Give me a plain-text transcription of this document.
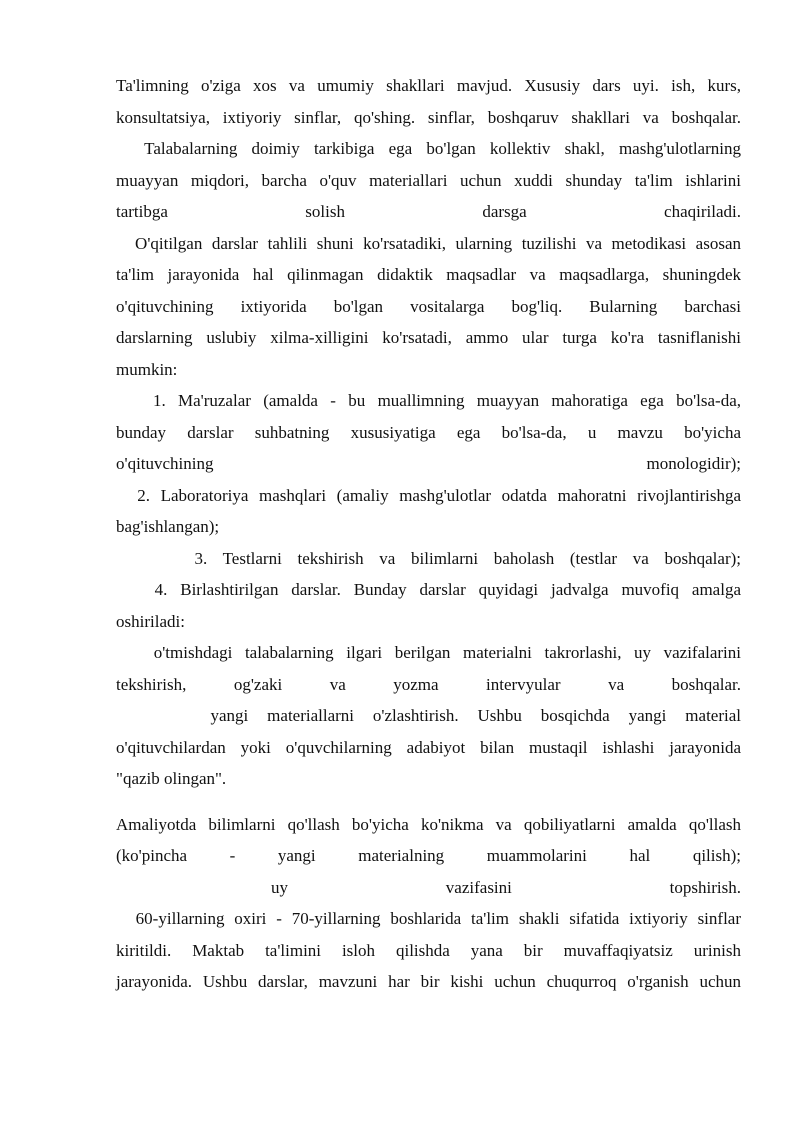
Ta'limning o'ziga xos va umumiy shakllari mavjud. Xususiy dars uyi. ish, kurs,
konsultatsiya, ixtiyoriy sinflar, qo'shing. sinflar, boshqaruv shakllari va boshqalar.
Talabalarning doimiy tarkibiga ega bo'lgan kollektiv shakl, mashg'ulotlarning
muayyan miqdori, barcha o'quv materiallari uchun xuddi shunday ta'lim ishlarini
tartibga solish darsga chaqiriladi.
O'qitilgan darslar tahlili shuni ko'rsatadiki, ularning tuzilishi va metodikasi asosan
ta'lim jarayonida hal qilinmagan didaktik maqsadlar va maqsadlarga, shuningdek
o'qituvchining ixtiyorida bo'lgan vositalarga bog'liq. Bularning barchasi
darslarning uslubiy xilma-xilligini ko'rsatadi, ammo ular turga ko'ra tasniflanishi
mumkin:
1. Ma'ruzalar (amalda - bu muallimning muayyan mahoratiga ega bo'lsa-da,
bunday darslar suhbatning xususiyatiga ega bo'lsa-da, u mavzu bo'yicha
o'qituvchining monologidir);
2. Laboratoriya mashqlari (amaliy mashg'ulotlar odatda mahoratni rivojlantirishga
bag'ishlangan);
3. Testlarni tekshirish va bilimlarni baholash (testlar va boshqalar);
4. Birlashtirilgan darslar. Bunday darslar quyidagi jadvalga muvofiq amalga
oshiriladi:
o'tmishdagi talabalarning ilgari berilgan materialni takrorlashi, uy vazifalarini
tekshirish, og'zaki va yozma intervyular va boshqalar.
yangi materiallarni o'zlashtirish. Ushbu bosqichda yangi material
o'qituvchilardan yoki o'quvchilarning adabiyot bilan mustaqil ishlashi jarayonida
"qazib olingan".
Amaliyotda bilimlarni qo'llash bo'yicha ko'nikma va qobiliyatlarni amalda qo'llash
(ko'pincha - yangi materialning muammolarini hal qilish);
uy vazifasini topshirish.
60-yillarning oxiri - 70-yillarning boshlarida ta'lim shakli sifatida ixtiyoriy sinflar
kiritildi. Maktab ta'limini isloh qilishda yana bir muvaffaqiyatsiz urinish
jarayonida. Ushbu darslar, mavzuni har bir kishi uchun chuqurroq o'rganish uchun
